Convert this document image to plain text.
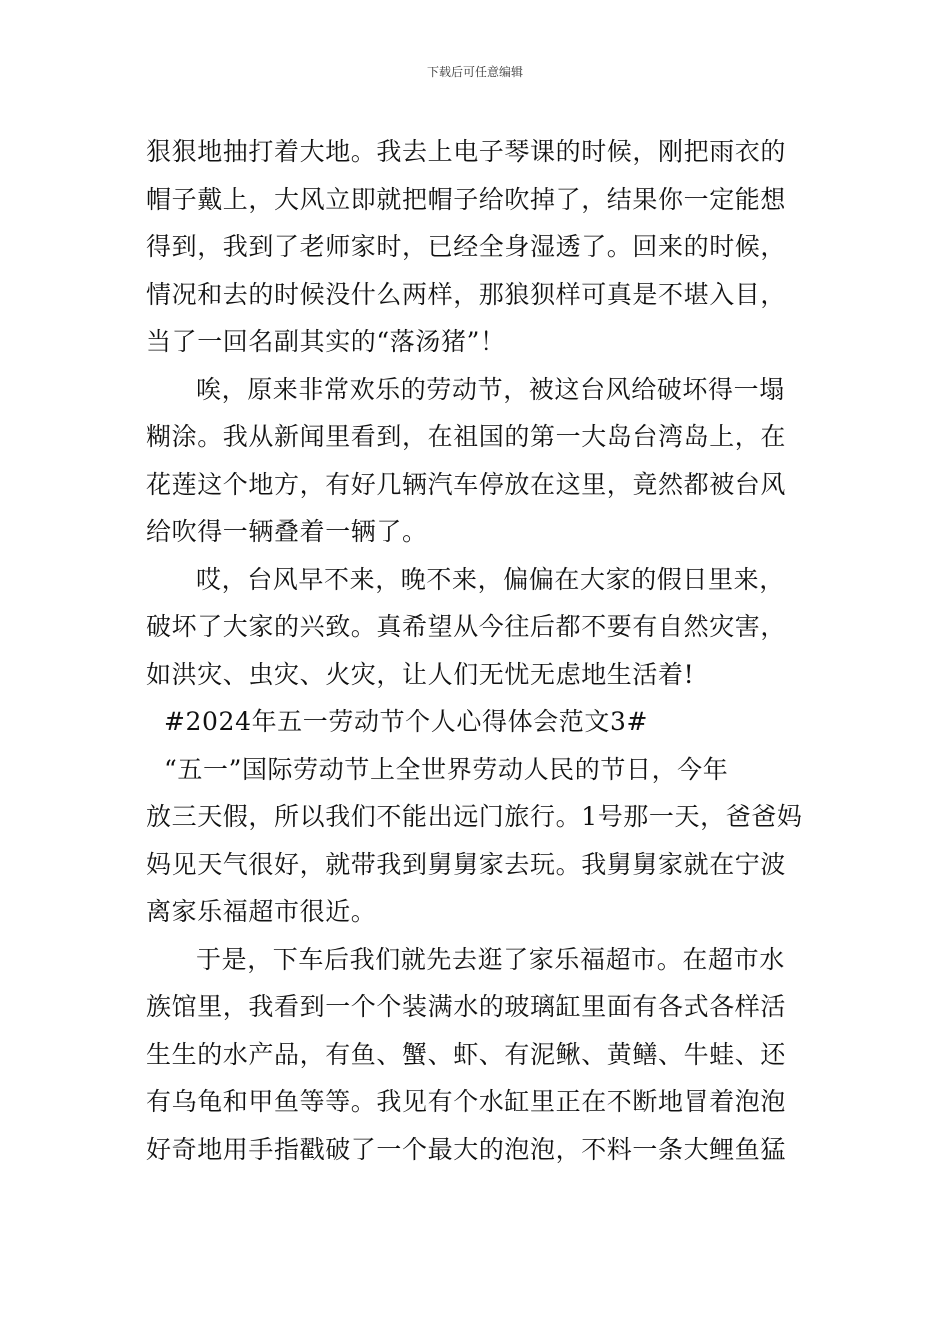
下载后可任意编辑
狠狠地抽打着大地。我去上电子琴课的时候，刚把雨衣的
帽子戴上，大风立即就把帽子给吹掉了，结果你一定能想
得到，我到了老师家时，已经全身湿透了。回来的时候，
情况和去的时候没什么两样，那狼狈样可真是不堪入目，
当了一回名副其实的“落汤猪”！
唉，原来非常欢乐的劳动节，被这台风给破坏得一塌
糊涂。我从新闻里看到，在祖国的第一大岛台湾岛上，在
花莲这个地方，有好几辆汽车停放在这里，竟然都被台风
给吹得一辆叠着一辆了。
哎，台风早不来，晚不来，偏偏在大家的假日里来，
破坏了大家的兴致。真希望从今往后都不要有自然灾害，
如洪灾、虫灾、火灾，让人们无忧无虑地生活着!
#2024年五一劳动节个人心得体会范文3#
“五一”国际劳动节上全世界劳动人民的节日，今年
放三天假，所以我们不能出远门旅行。1号那一天，爸爸妈
妈见天气很好，就带我到舅舅家去玩。我舅舅家就在宁波
离家乐福超市很近。
于是，下车后我们就先去逛了家乐福超市。在超市水
族馆里，我看到一个个装满水的玻璃缸里面有各式各样活
生生的水产品，有鱼、蟹、虾、有泥鳅、黄鳝、牛蛙、还
有乌龟和甲鱼等等。我见有个水缸里正在不断地冒着泡泡
好奇地用手指戳破了一个最大的泡泡，不料一条大鲤鱼猛
